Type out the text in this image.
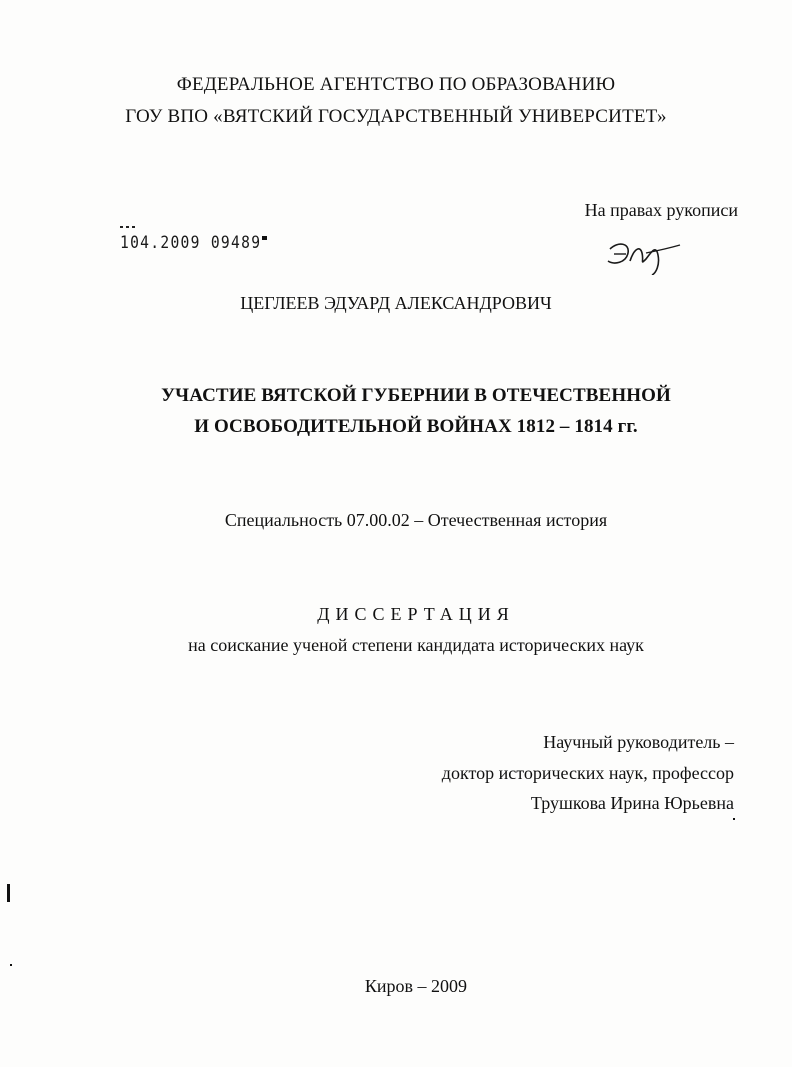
ФЕДЕРАЛЬНОЕ АГЕНТСТВО ПО ОБРАЗОВАНИЮ
ГОУ ВПО «ВЯТСКИЙ ГОСУДАРСТВЕННЫЙ УНИВЕРСИТЕТ»
На правах рукописи
104.2009 09489
ЦЕГЛЕЕВ ЭДУАРД АЛЕКСАНДРОВИЧ
УЧАСТИЕ ВЯТСКОЙ ГУБЕРНИИ В ОТЕЧЕСТВЕННОЙ
И ОСВОБОДИТЕЛЬНОЙ ВОЙНАХ 1812 – 1814 гг.
Специальность 07.00.02 – Отечественная история
ДИССЕРТАЦИЯ
на соискание ученой степени кандидата исторических наук
Научный руководитель –
доктор исторических наук, профессор
Трушкова Ирина Юрьевна
Киров – 2009
